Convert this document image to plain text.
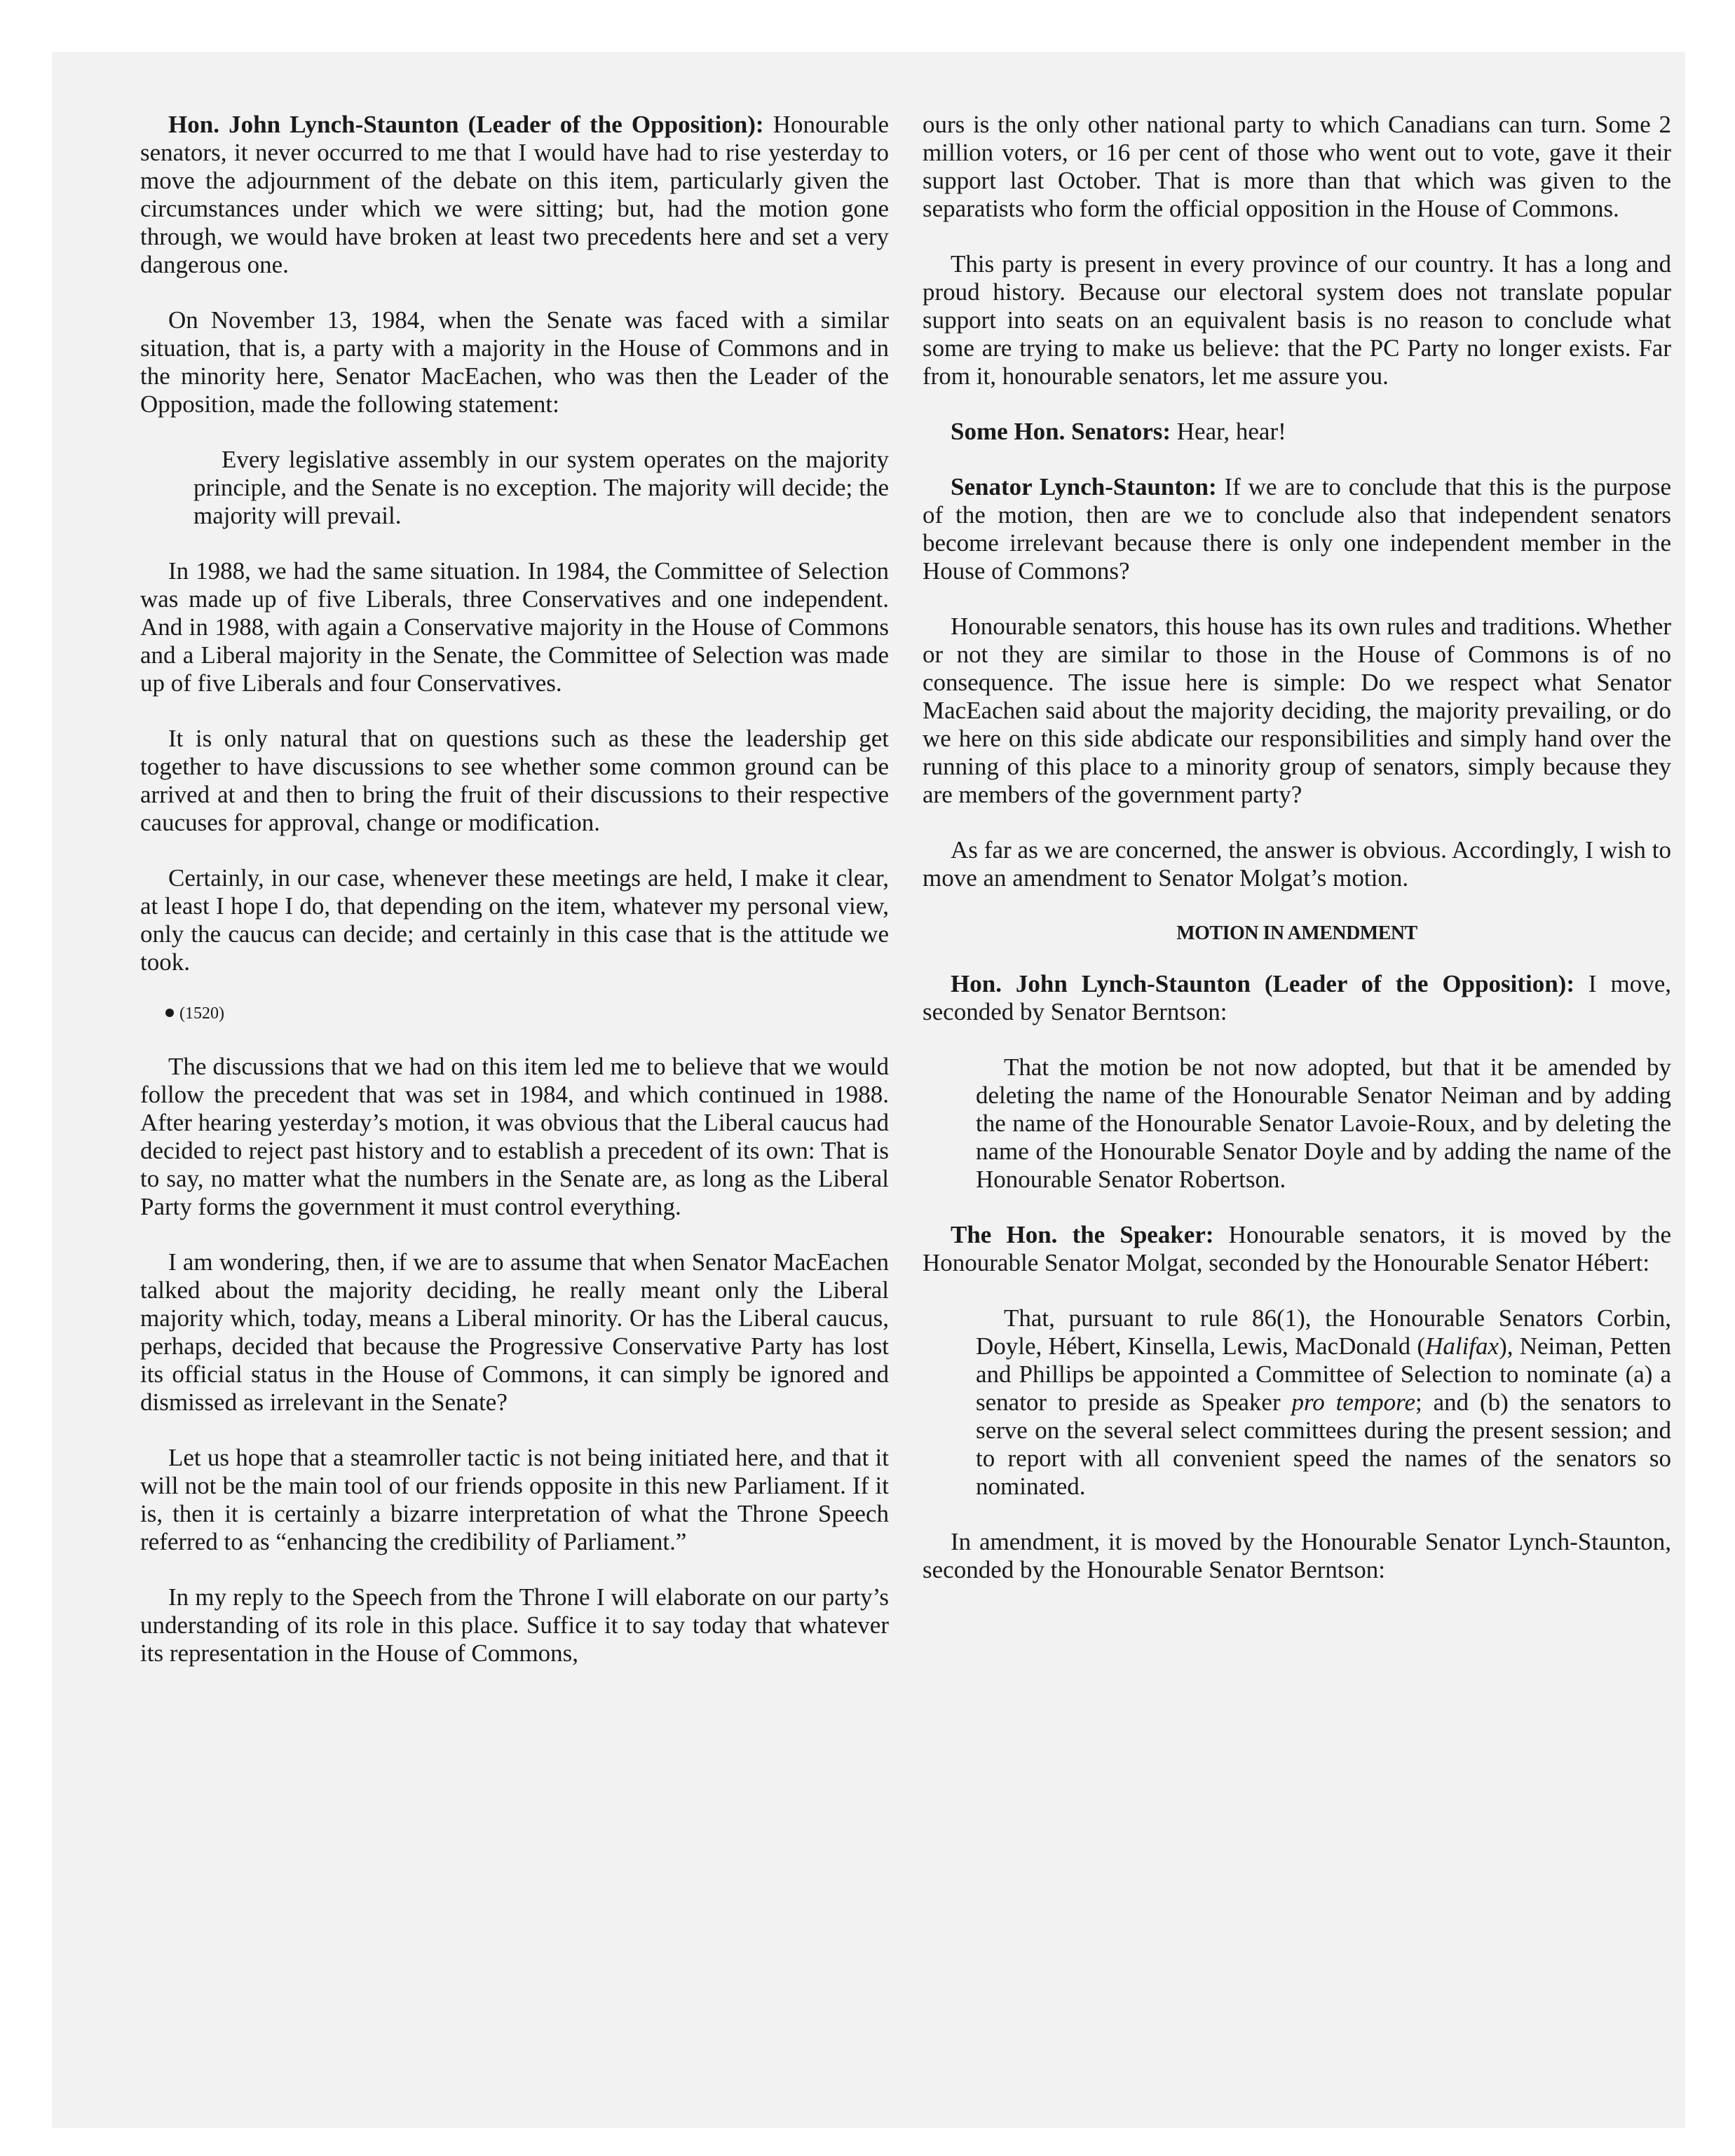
Hon. John Lynch-Staunton (Leader of the Opposition): Honourable senators, it never occurred to me that I would have had to rise yesterday to move the adjournment of the debate on this item, particularly given the circumstances under which we were sitting; but, had the motion gone through, we would have broken at least two precedents here and set a very dangerous one.

On November 13, 1984, when the Senate was faced with a similar situation, that is, a party with a majority in the House of Commons and in the minority here, Senator MacEachen, who was then the Leader of the Opposition, made the following statement:

Every legislative assembly in our system operates on the majority principle, and the Senate is no exception. The majority will decide; the majority will prevail.

In 1988, we had the same situation. In 1984, the Committee of Selection was made up of five Liberals, three Conservatives and one independent. And in 1988, with again a Conservative majority in the House of Commons and a Liberal majority in the Senate, the Committee of Selection was made up of five Liberals and four Conservatives.

It is only natural that on questions such as these the leadership get together to have discussions to see whether some common ground can be arrived at and then to bring the fruit of their discussions to their respective caucuses for approval, change or modification.

Certainly, in our case, whenever these meetings are held, I make it clear, at least I hope I do, that depending on the item, whatever my personal view, only the caucus can decide; and certainly in this case that is the attitude we took.

(1520)

The discussions that we had on this item led me to believe that we would follow the precedent that was set in 1984, and which continued in 1988. After hearing yesterday’s motion, it was obvious that the Liberal caucus had decided to reject past history and to establish a precedent of its own: That is to say, no matter what the numbers in the Senate are, as long as the Liberal Party forms the government it must control everything.

I am wondering, then, if we are to assume that when Senator MacEachen talked about the majority deciding, he really meant only the Liberal majority which, today, means a Liberal minority. Or has the Liberal caucus, perhaps, decided that because the Progressive Conservative Party has lost its official status in the House of Commons, it can simply be ignored and dismissed as irrelevant in the Senate?

Let us hope that a steamroller tactic is not being initiated here, and that it will not be the main tool of our friends opposite in this new Parliament. If it is, then it is certainly a bizarre interpretation of what the Throne Speech referred to as “enhancing the credibility of Parliament.”

In my reply to the Speech from the Throne I will elaborate on our party’s understanding of its role in this place. Suffice it to say today that whatever its representation in the House of Commons,

ours is the only other national party to which Canadians can turn. Some 2 million voters, or 16 per cent of those who went out to vote, gave it their support last October. That is more than that which was given to the separatists who form the official opposition in the House of Commons.

This party is present in every province of our country. It has a long and proud history. Because our electoral system does not translate popular support into seats on an equivalent basis is no reason to conclude what some are trying to make us believe: that the PC Party no longer exists. Far from it, honourable senators, let me assure you.

Some Hon. Senators: Hear, hear!

Senator Lynch-Staunton: If we are to conclude that this is the purpose of the motion, then are we to conclude also that independent senators become irrelevant because there is only one independent member in the House of Commons?

Honourable senators, this house has its own rules and traditions. Whether or not they are similar to those in the House of Commons is of no consequence. The issue here is simple: Do we respect what Senator MacEachen said about the majority deciding, the majority prevailing, or do we here on this side abdicate our responsibilities and simply hand over the running of this place to a minority group of senators, simply because they are members of the government party?

As far as we are concerned, the answer is obvious. Accordingly, I wish to move an amendment to Senator Molgat’s motion.

MOTION IN AMENDMENT

Hon. John Lynch-Staunton (Leader of the Opposition): I move, seconded by Senator Berntson:

That the motion be not now adopted, but that it be amended by deleting the name of the Honourable Senator Neiman and by adding the name of the Honourable Senator Lavoie-Roux, and by deleting the name of the Honourable Senator Doyle and by adding the name of the Honourable Senator Robertson.

The Hon. the Speaker: Honourable senators, it is moved by the Honourable Senator Molgat, seconded by the Honourable Senator Hébert:

That, pursuant to rule 86(1), the Honourable Senators Corbin, Doyle, Hébert, Kinsella, Lewis, MacDonald (Halifax), Neiman, Petten and Phillips be appointed a Committee of Selection to nominate (a) a senator to preside as Speaker pro tempore; and (b) the senators to serve on the several select committees during the present session; and to report with all convenient speed the names of the senators so nominated.

In amendment, it is moved by the Honourable Senator Lynch-Staunton, seconded by the Honourable Senator Berntson:
